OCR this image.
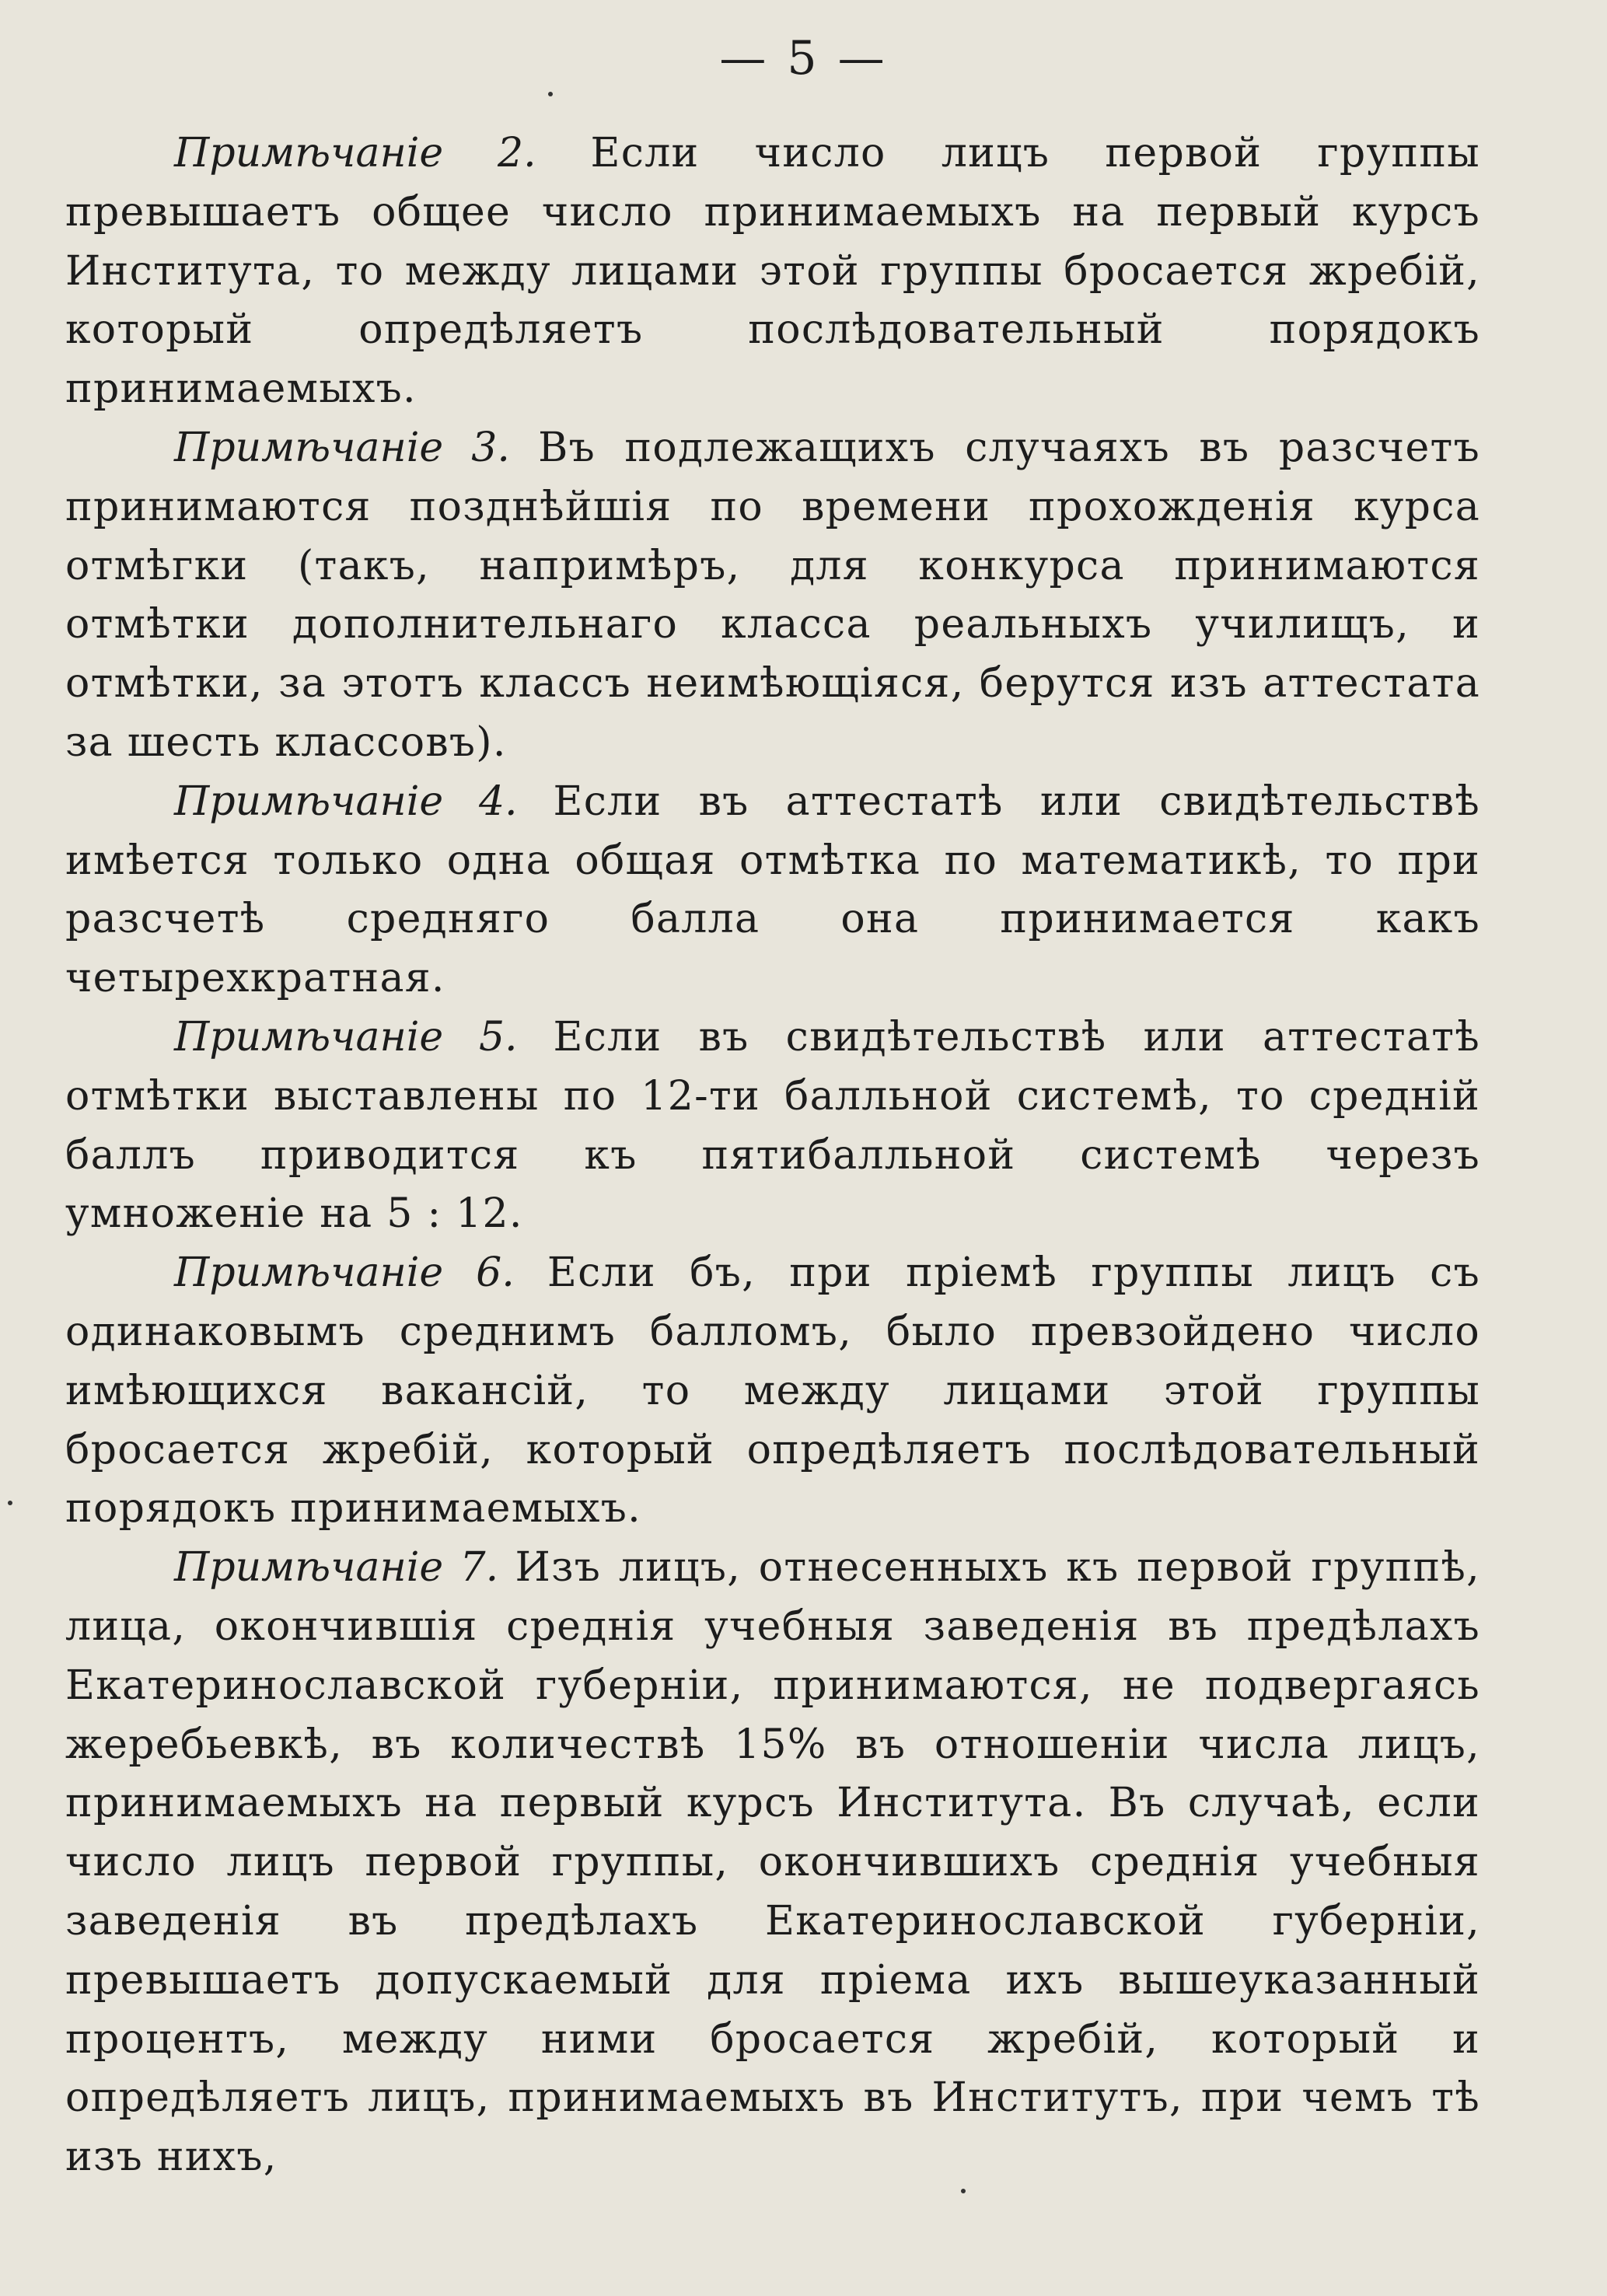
— 5 —

Примѣчанiе 2. Если число лицъ первой группы превышаетъ общее число принимаемыхъ на первый курсъ Института, то между лицами этой группы бросается жребiй, который опредѣляетъ послѣдовательный порядокъ принимаемыхъ.

Примѣчанiе 3. Въ подлежащихъ случаяхъ въ разсчетъ принимаются позднѣйшiя по времени прохожденiя курса отмѣгки (такъ, напримѣръ, для конкурса принимаются отмѣтки дополнительнаго класса реальныхъ училищъ, и отмѣтки, за этотъ классъ неимѣющiяся, берутся изъ аттестата за шесть классовъ).

Примѣчанiе 4. Если въ аттестатѣ или свидѣтельствѣ имѣется только одна общая отмѣтка по математикѣ, то при разсчетѣ средняго балла она принимается какъ четырехкратная.

Примѣчанiе 5. Если въ свидѣтельствѣ или аттестатѣ отмѣтки выставлены по 12-ти балльной системѣ, то среднiй баллъ приводится къ пятибалльной системѣ черезъ умноженiе на 5 : 12.

Примѣчанiе 6. Если бъ, при прiемѣ группы лицъ съ одинаковымъ среднимъ балломъ, было превзойдено число имѣющихся вакансiй, то между лицами этой группы бросается жребiй, который опредѣляетъ послѣдовательный порядокъ принимаемыхъ.

Примѣчанiе 7. Изъ лицъ, отнесенныхъ къ первой группѣ, лица, окончившiя среднiя учебныя заведенiя въ предѣлахъ Екатеринославской губернiи, принимаются, не подвергаясь жеребьевкѣ, въ количествѣ 15% въ отношенiи числа лицъ, принимаемыхъ на первый курсъ Института. Въ случаѣ, если число лицъ первой группы, окончившихъ среднiя учебныя заведенiя въ предѣлахъ Екатеринославской губернiи, превышаетъ допускаемый для прiема ихъ вышеуказанный процентъ, между ними бросается жребiй, который и опредѣляетъ лицъ, принимаемыхъ въ Институтъ, при чемъ тѣ изъ нихъ,
